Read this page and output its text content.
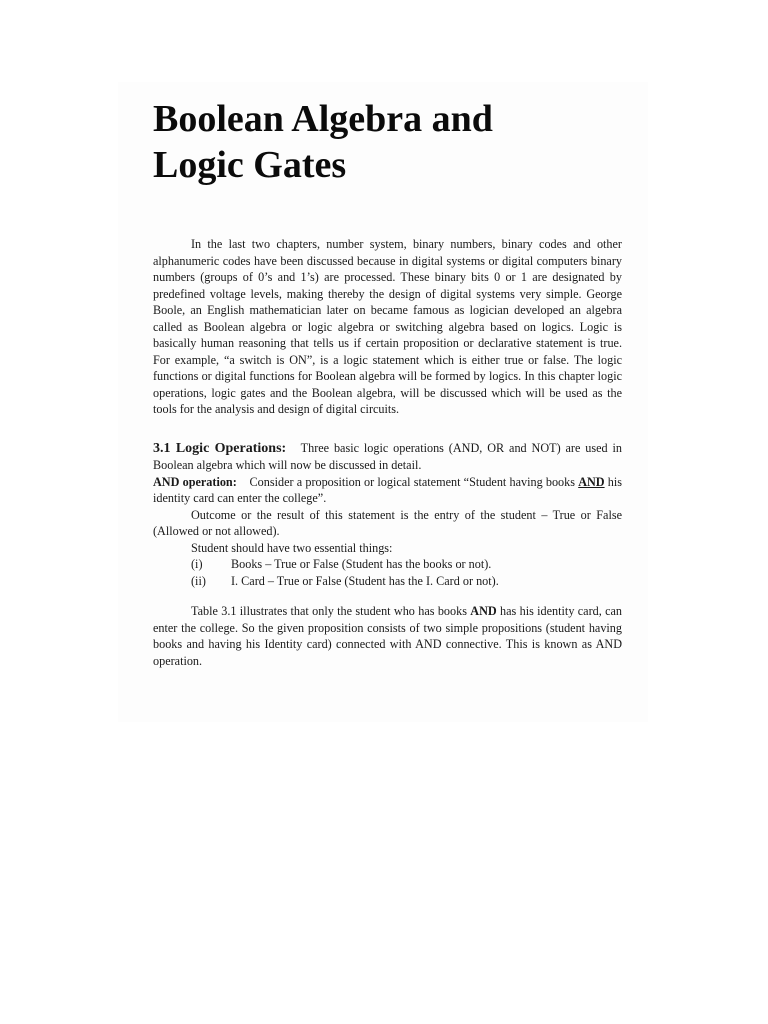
Boolean Algebra and
Logic Gates

In the last two chapters, number system, binary numbers, binary codes and other alphanumeric codes have been discussed because in digital systems or digital computers binary numbers (groups of 0’s and 1’s) are processed. These binary bits 0 or 1 are designated by predefined voltage levels, making thereby the design of digital systems very simple. George Boole, an English mathematician later on became famous as logician developed an algebra called as Boolean algebra or logic algebra or switching algebra based on logics. Logic is basically human reasoning that tells us if certain proposition or declarative statement is true. For example, “a switch is ON”, is a logic statement which is either true or false. The logic functions or digital functions for Boolean algebra will be formed by logics. In this chapter logic operations, logic gates and the Boolean algebra, will be discussed which will be used as the tools for the analysis and design of digital circuits.

3.1 Logic Operations: Three basic logic operations (AND, OR and NOT) are used in Boolean algebra which will now be discussed in detail.

AND operation: Consider a proposition or logical statement “Student having books AND his identity card can enter the college”.

Outcome or the result of this statement is the entry of the student – True or False (Allowed or not allowed).

Student should have two essential things:

(i)	Books – True or False (Student has the books or not).
(ii)	I. Card – True or False (Student has the I. Card or not).

Table 3.1 illustrates that only the student who has books AND has his identity card, can enter the college. So the given proposition consists of two simple propositions (student having books and having his Identity card) connected with AND connective. This is known as AND operation.
